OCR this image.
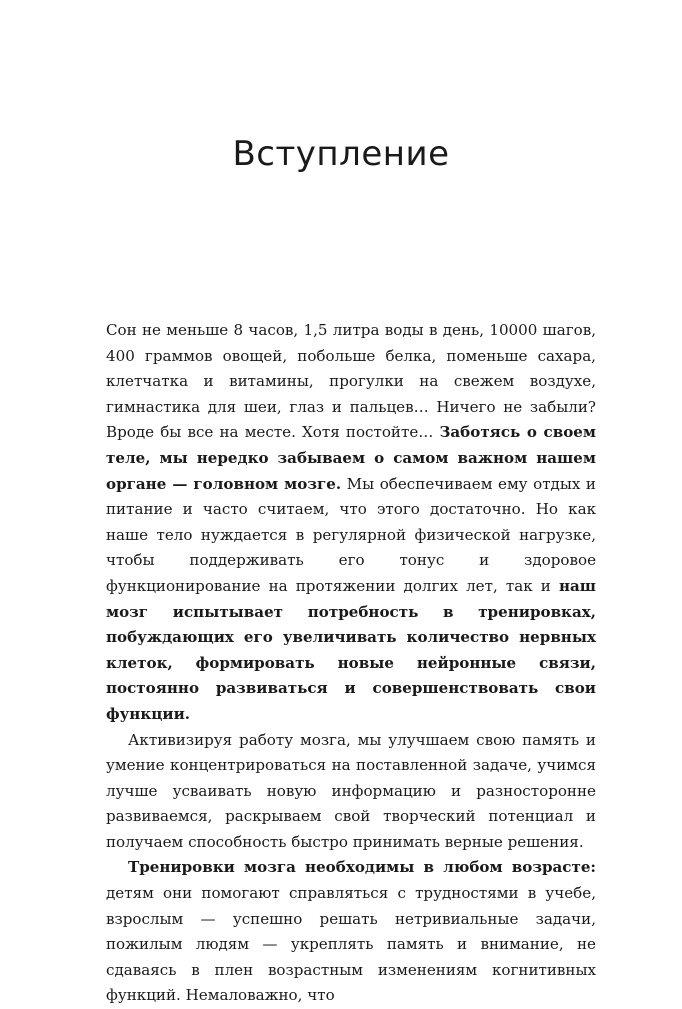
Вступление

Сон не меньше 8 часов, 1,5 литра воды в день, 10000 шагов, 400 граммов овощей, побольше белка, поменьше сахара, клетчатка и витамины, прогулки на свежем воздухе, гимнастика для шеи, глаз и пальцев… Ничего не забыли? Вроде бы все на месте. Хотя постойте… Заботясь о своем теле, мы нередко забываем о самом важном нашем органе — головном мозге. Мы обеспечиваем ему отдых и питание и часто считаем, что этого достаточно. Но как наше тело нуждается в регулярной физической нагрузке, чтобы поддерживать его тонус и здоровое функционирование на протяжении долгих лет, так и наш мозг испытывает потребность в тренировках, побуждающих его увеличивать количество нервных клеток, формировать новые нейронные связи, постоянно развиваться и совершенствовать свои функции.

Активизируя работу мозга, мы улучшаем свою память и умение концентрироваться на поставленной задаче, учимся лучше усваивать новую информацию и разносторонне развиваемся, раскрываем свой творческий потенциал и получаем способность быстро принимать верные решения.

Тренировки мозга необходимы в любом возрасте: детям они помогают справляться с трудностями в учебе, взрослым — успешно решать нетривиальные задачи, пожилым людям — укреплять память и внимание, не сдаваясь в плен возрастным изменениям когнитивных функций. Немаловажно, что
